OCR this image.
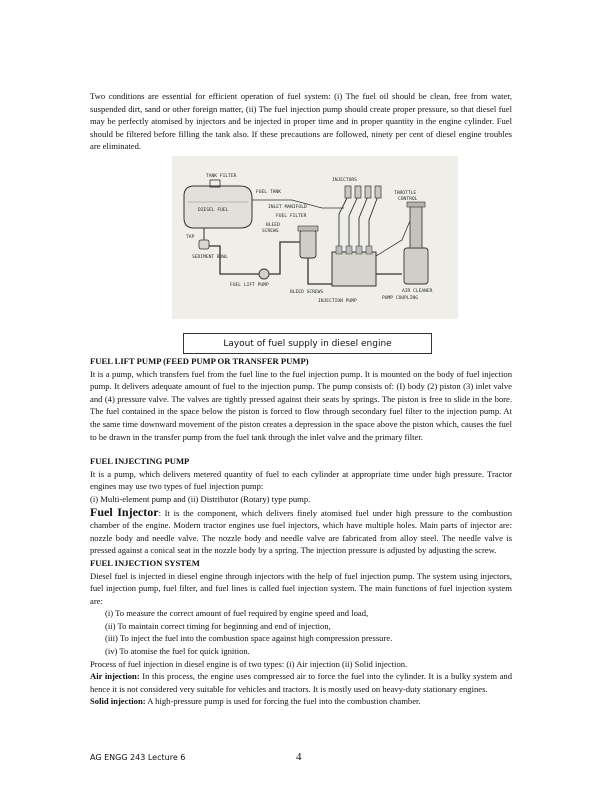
Two conditions are essential for efficient operation of fuel system: (i) The fuel oil should be clean, free from water, suspended dirt, sand or other foreign matter, (ii) The fuel injection pump should create proper pressure, so that diesel fuel may be perfectly atomised by injectors and be injected in proper time and in proper quantity in the engine cylinder. Fuel should be filtered before filling the tank also. If these precautions are followed, ninety per cent of diesel engine troubles are eliminated.

TANK FILTER
FUEL TANK
INJECTORS
DIESEL FUEL
INLET MANIFOLD
FUEL FILTER
BLEED
SCREWS
THROTTLE
CONTROL
TAP
SEDIMENT BOWL
AIR CLEANER
BLEED SCREWS
FUEL LIFT PUMP
PUMP COUPLING
INJECTION PUMP
Layout of fuel supply in diesel engine

FUEL LIFT PUMP (FEED PUMP OR TRANSFER PUMP)

It is a pump, which transfers fuel from the fuel line to the fuel injection pump. It is mounted on the body of fuel injection pump. It delivers adequate amount of fuel to the injection pump. The pump consists of: (I) body (2) piston (3) inlet valve and (4) pressure valve. The valves are tightly pressed against their seats by springs. The piston is free to slide in the bore. The fuel contained in the space below the piston is forced to flow through secondary fuel filter to the injection pump. At the same time downward movement of the piston creates a depression in the space above the piston which, causes the fuel to be drawn in the transfer pump from the fuel tank through the inlet valve and the primary filter.

FUEL INJECTING PUMP

It is a pump, which delivers metered quantity of fuel to each cylinder at appropriate time under high pressure. Tractor engines may use two types of fuel injection pump:

(i) Multi-element pump and (ii) Distributor (Rotary) type pump.

Fuel Injector: It is the component, which delivers finely atomised fuel under high pressure to the combustion chamber of the engine. Modern tractor engines use fuel injectors, which have multiple holes. Main parts of injector are: nozzle body and needle valve. The nozzle body and needle valve are fabricated from alloy steel. The needle valve is pressed against a conical seat in the nozzle body by a spring. The injection pressure is adjusted by adjusting the screw.

FUEL INJECTION SYSTEM

Diesel fuel is injected in diesel engine through injectors with the help of fuel injection pump. The system using injectors, fuel injection pump, fuel filter, and fuel lines is called fuel injection system. The main functions of fuel injection system are:

(i) To measure the correct amount of fuel required by engine speed and load,
(ii) To maintain correct timing for beginning and end of injection,
(iii) To inject the fuel into the combustion space against high compression pressure.
(iv) To atomise the fuel for quick ignition.

Process of fuel injection in diesel engine is of two types: (i) Air injection (ii) Solid injection.

Air injection: In this process, the engine uses compressed air to force the fuel into the cylinder. It is a bulky system and hence it is not considered very suitable for vehicles and tractors. It is mostly used on heavy-duty stationary engines.

Solid injection: A high-pressure pump is used for forcing the fuel into the combustion chamber.

AG ENGG 243 Lecture 6	4
